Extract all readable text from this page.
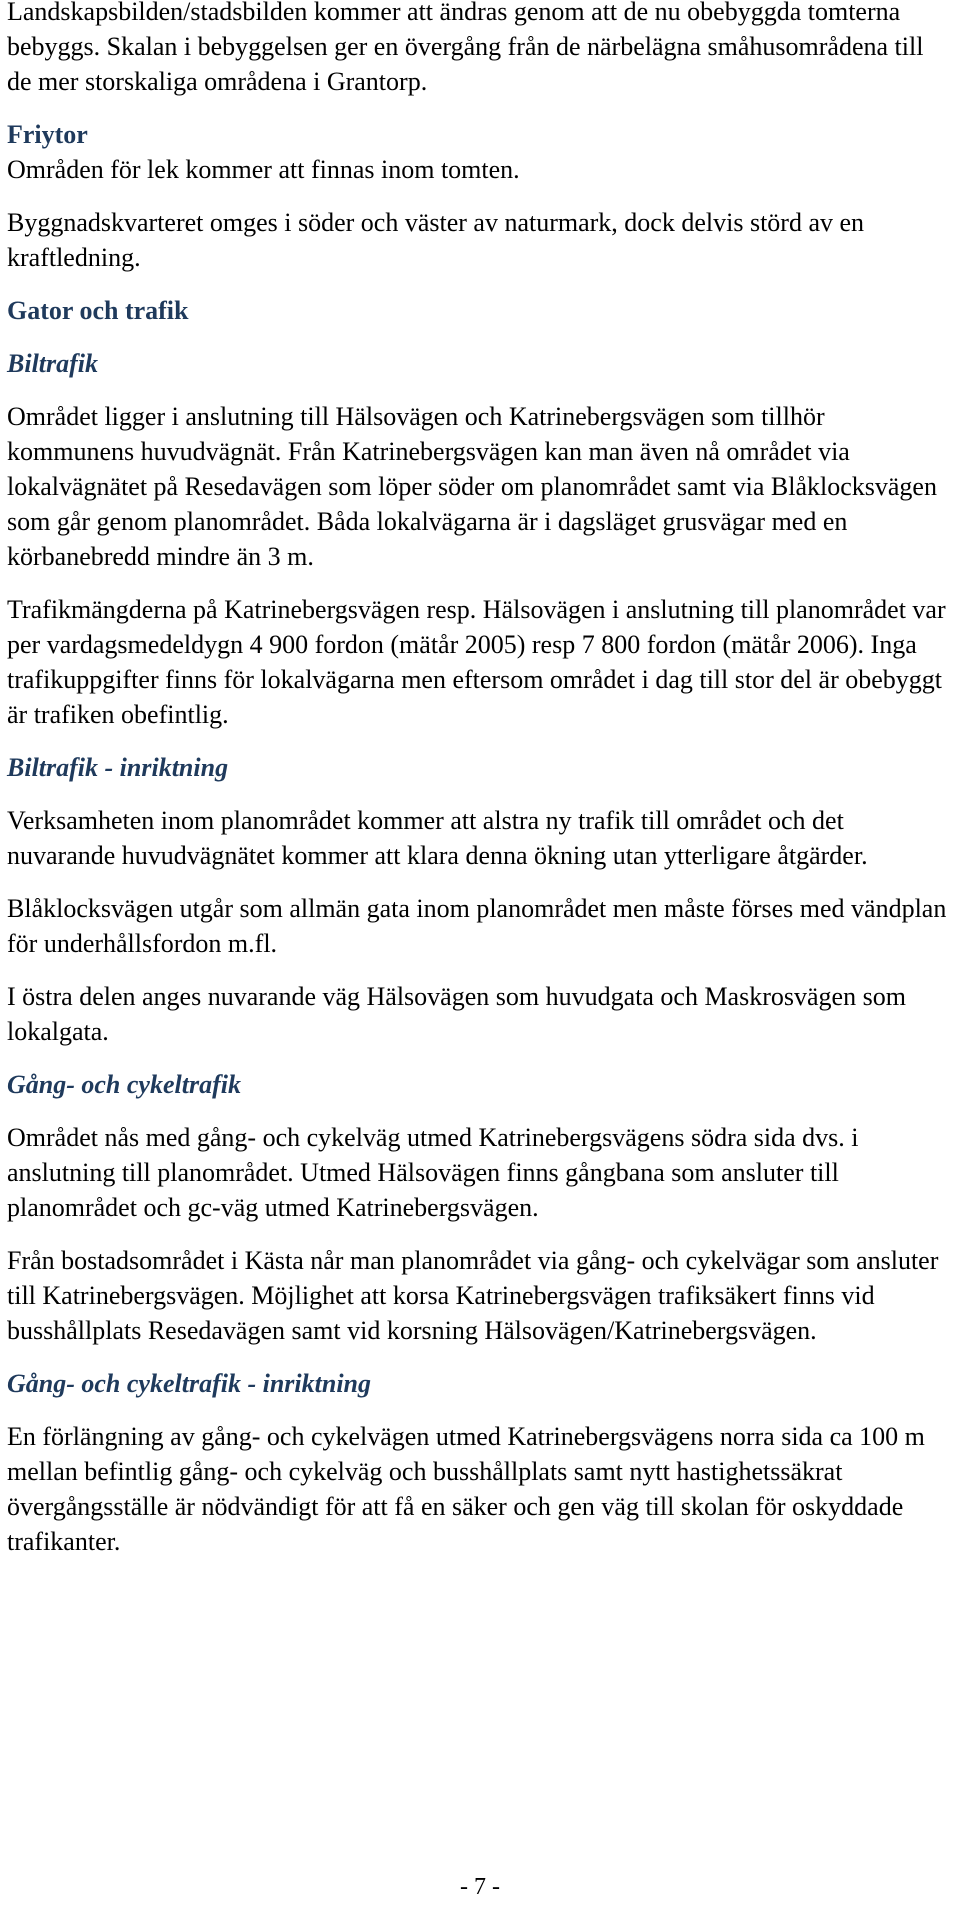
Landskapsbilden/stadsbilden kommer att ändras genom att de nu obebyggda tomterna bebyggs. Skalan i bebyggelsen ger en övergång från de närbelägna småhusområdena till de mer storskaliga områdena i Grantorp.

Friytor

Områden för lek kommer att finnas inom tomten.

Byggnadskvarteret omges i söder och väster av naturmark, dock delvis störd av en kraftledning.

Gator och trafik
Biltrafik

Området ligger i anslutning till Hälsovägen och Katrinebergsvägen som tillhör kommunens huvudvägnät. Från Katrinebergsvägen kan man även nå området via lokalvägnätet på Resedavägen som löper söder om planområdet samt via Blåklocksvägen som går genom planområdet. Båda lokalvägarna är i dagsläget grusvägar med en körbanebredd mindre än 3 m.

Trafikmängderna på Katrinebergsvägen resp. Hälsovägen i anslutning till planområdet var per vardagsmedeldygn 4 900 fordon (mätår 2005) resp 7 800 fordon (mätår 2006). Inga trafikuppgifter finns för lokalvägarna men eftersom området i dag till stor del är obebyggt är trafiken obefintlig.

Biltrafik - inriktning

Verksamheten inom planområdet kommer att alstra ny trafik till området och det nuvarande huvudvägnätet kommer att klara denna ökning utan ytterligare åtgärder.

Blåklocksvägen utgår som allmän gata inom planområdet men måste förses med vändplan för underhållsfordon m.fl.

I östra delen anges nuvarande väg Hälsovägen som huvudgata och Maskrosvägen som lokalgata.

Gång- och cykeltrafik

Området nås med gång- och cykelväg utmed Katrinebergsvägens södra sida dvs. i anslutning till planområdet. Utmed Hälsovägen finns gångbana som ansluter till planområdet och gc-väg utmed Katrinebergsvägen.

Från bostadsområdet i Kästa når man planområdet via gång- och cykelvägar som ansluter till Katrinebergsvägen. Möjlighet att korsa Katrinebergsvägen trafiksäkert finns vid busshållplats Resedavägen samt vid korsning Hälsovägen/Katrinebergsvägen.

Gång- och cykeltrafik - inriktning

En förlängning av gång- och cykelvägen utmed Katrinebergsvägens norra sida ca 100 m mellan befintlig gång- och cykelväg och busshållplats samt nytt hastighetssäkrat övergångsställe är nödvändigt för att få en säker och gen väg till skolan för oskyddade trafikanter.

- 7 -
